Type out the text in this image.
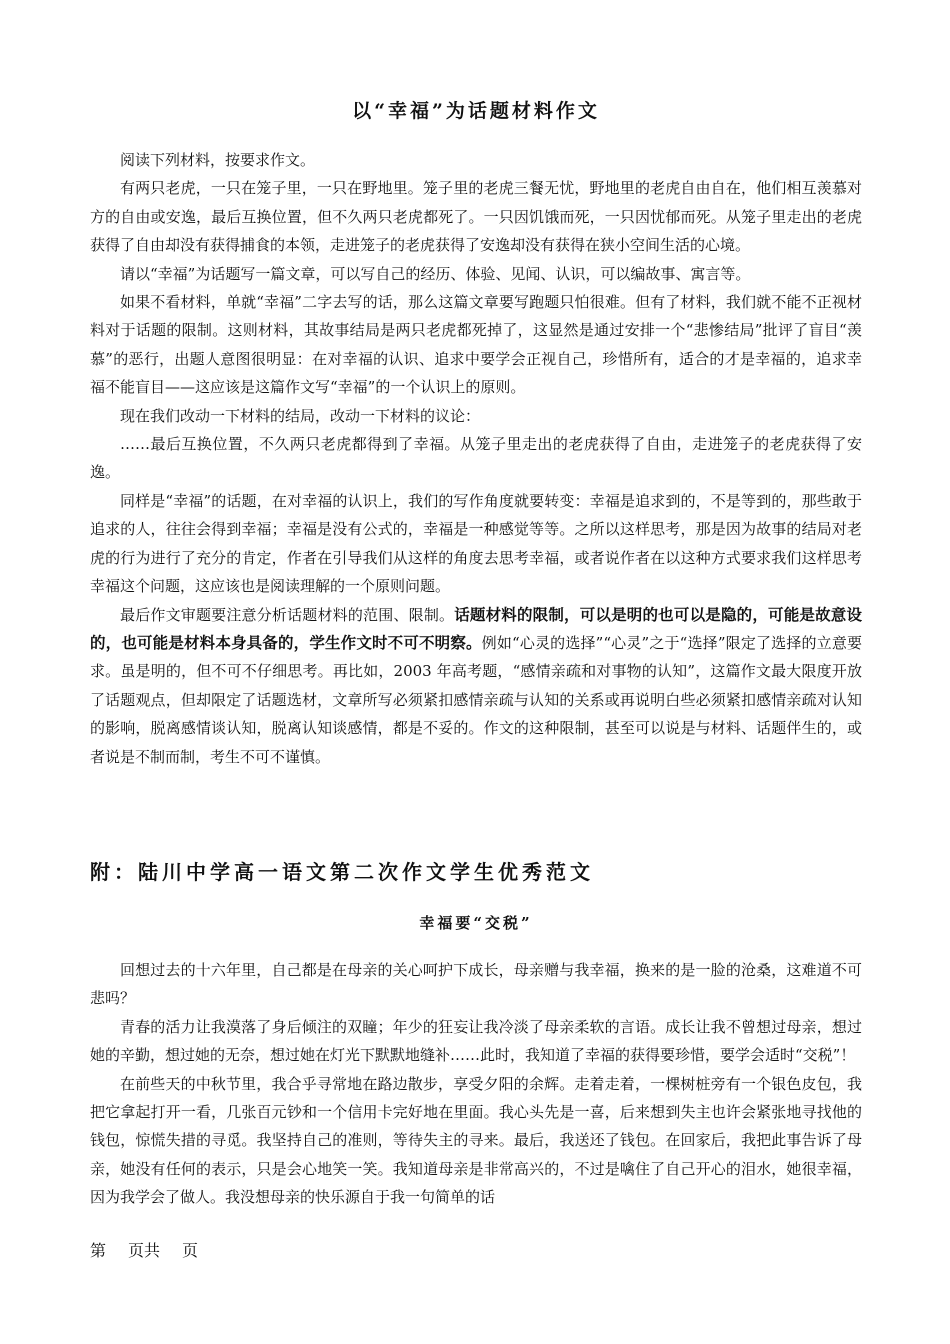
以“幸福”为话题材料作文

阅读下列材料，按要求作文。

有两只老虎，一只在笼子里，一只在野地里。笼子里的老虎三餐无忧，野地里的老虎自由自在，他们相互羡慕对方的自由或安逸，最后互换位置，但不久两只老虎都死了。一只因饥饿而死，一只因忧郁而死。从笼子里走出的老虎获得了自由却没有获得捕食的本领，走进笼子的老虎获得了安逸却没有获得在狭小空间生活的心境。

请以“幸福”为话题写一篇文章，可以写自己的经历、体验、见闻、认识，可以编故事、寓言等。

如果不看材料，单就“幸福”二字去写的话，那么这篇文章要写跑题只怕很难。但有了材料，我们就不能不正视材料对于话题的限制。这则材料，其故事结局是两只老虎都死掉了，这显然是通过安排一个“悲惨结局”批评了盲目“羡慕”的恶行，出题人意图很明显：在对幸福的认识、追求中要学会正视自己，珍惜所有，适合的才是幸福的，追求幸福不能盲目——这应该是这篇作文写“幸福”的一个认识上的原则。

现在我们改动一下材料的结局，改动一下材料的议论：

……最后互换位置，不久两只老虎都得到了幸福。从笼子里走出的老虎获得了自由，走进笼子的老虎获得了安逸。

同样是“幸福”的话题，在对幸福的认识上，我们的写作角度就要转变：幸福是追求到的，不是等到的，那些敢于追求的人，往往会得到幸福；幸福是没有公式的，幸福是一种感觉等等。之所以这样思考，那是因为故事的结局对老虎的行为进行了充分的肯定，作者在引导我们从这样的角度去思考幸福，或者说作者在以这种方式要求我们这样思考幸福这个问题，这应该也是阅读理解的一个原则问题。

最后作文审题要注意分析话题材料的范围、限制。话题材料的限制，可以是明的也可以是隐的，可能是故意设的，也可能是材料本身具备的，学生作文时不可不明察。例如“心灵的选择”“心灵”之于“选择”限定了选择的立意要求。虽是明的，但不可不仔细思考。再比如，2003 年高考题，“感情亲疏和对事物的认知”，这篇作文最大限度开放了话题观点，但却限定了话题选材，文章所写必须紧扣感情亲疏与认知的关系或再说明白些必须紧扣感情亲疏对认知的影响，脱离感情谈认知，脱离认知谈感情，都是不妥的。作文的这种限制，甚至可以说是与材料、话题伴生的，或者说是不制而制，考生不可不谨慎。

附：陆川中学高一语文第二次作文学生优秀范文
幸福要“交税”

回想过去的十六年里，自己都是在母亲的关心呵护下成长，母亲赠与我幸福，换来的是一脸的沧桑，这难道不可悲吗？

青春的活力让我漠落了身后倾注的双瞳；年少的狂妄让我冷淡了母亲柔软的言语。成长让我不曾想过母亲，想过她的辛勤，想过她的无奈，想过她在灯光下默默地缝补……此时，我知道了幸福的获得要珍惜，要学会适时“交税”！

在前些天的中秋节里，我合乎寻常地在路边散步，享受夕阳的余辉。走着走着，一棵树桩旁有一个银色皮包，我把它拿起打开一看，几张百元钞和一个信用卡完好地在里面。我心头先是一喜，后来想到失主也许会紧张地寻找他的钱包，惊慌失措的寻觅。我坚持自己的准则，等待失主的寻来。最后，我送还了钱包。在回家后，我把此事告诉了母亲，她没有任何的表示，只是会心地笑一笑。我知道母亲是非常高兴的，不过是噙住了自己开心的泪水，她很幸福，因为我学会了做人。我没想母亲的快乐源自于我一句简单的话

第 页共 页
